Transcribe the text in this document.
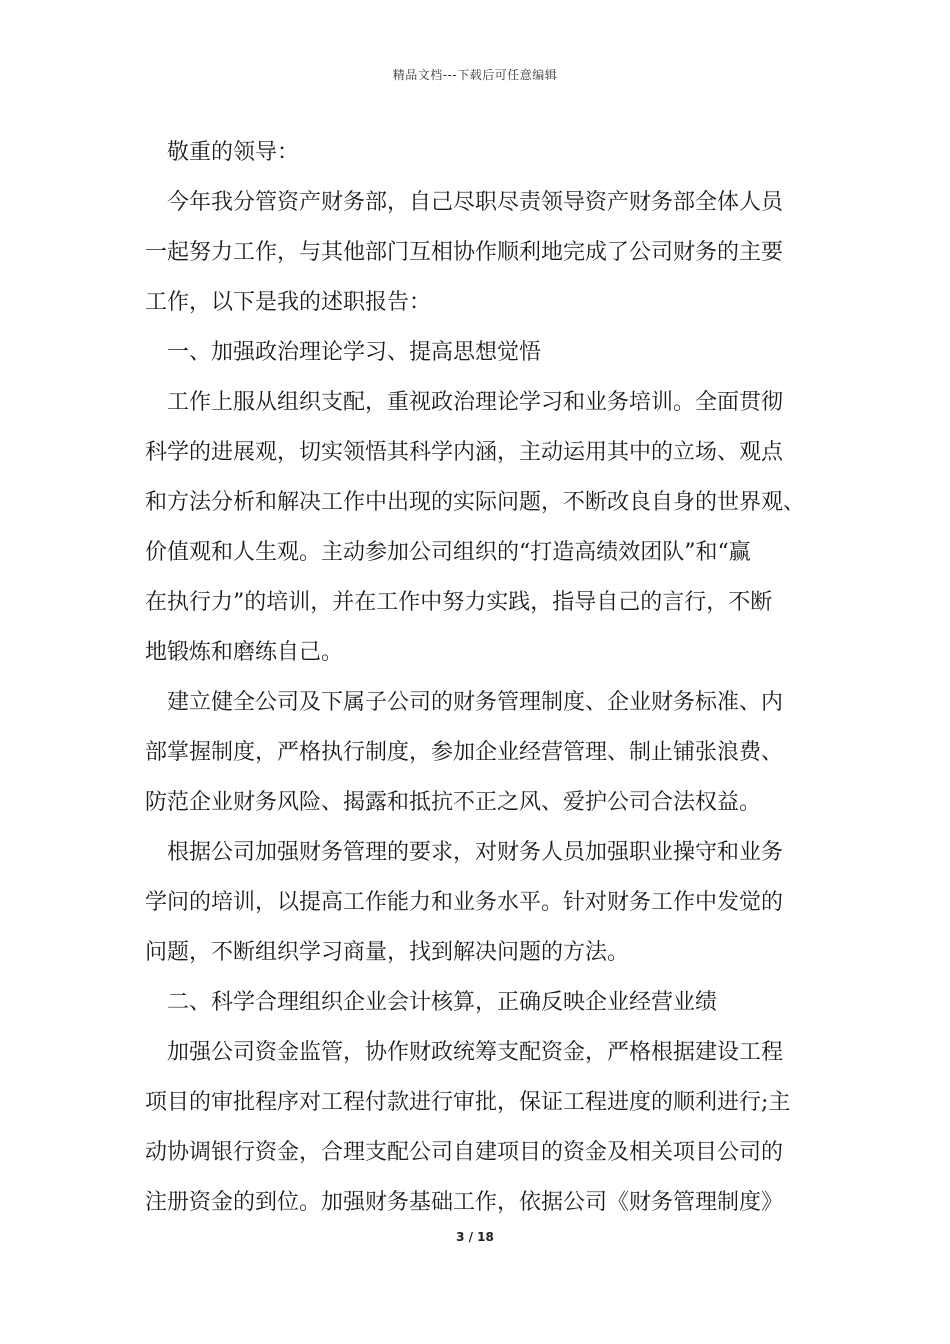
精品文档---下载后可任意编辑
敬重的领导：
今年我分管资产财务部，自己尽职尽责领导资产财务部全体人员
一起努力工作，与其他部门互相协作顺利地完成了公司财务的主要
工作，以下是我的述职报告：
一、加强政治理论学习、提高思想觉悟
工作上服从组织支配，重视政治理论学习和业务培训。全面贯彻
科学的进展观，切实领悟其科学内涵，主动运用其中的立场、观点
和方法分析和解决工作中出现的实际问题，不断改良自身的世界观、
价值观和人生观。主动参加公司组织的“打造高绩效团队”和“赢
在执行力”的培训，并在工作中努力实践，指导自己的言行，不断
地锻炼和磨练自己。
建立健全公司及下属子公司的财务管理制度、企业财务标准、内
部掌握制度，严格执行制度，参加企业经营管理、制止铺张浪费、
防范企业财务风险、揭露和抵抗不正之风、爱护公司合法权益。
根据公司加强财务管理的要求，对财务人员加强职业操守和业务
学问的培训，以提高工作能力和业务水平。针对财务工作中发觉的
问题，不断组织学习商量，找到解决问题的方法。
二、科学合理组织企业会计核算，正确反映企业经营业绩
加强公司资金监管，协作财政统筹支配资金，严格根据建设工程
项目的审批程序对工程付款进行审批，保证工程进度的顺利进行;主
动协调银行资金，合理支配公司自建项目的资金及相关项目公司的
注册资金的到位。加强财务基础工作，依据公司《财务管理制度》
3 / 18
